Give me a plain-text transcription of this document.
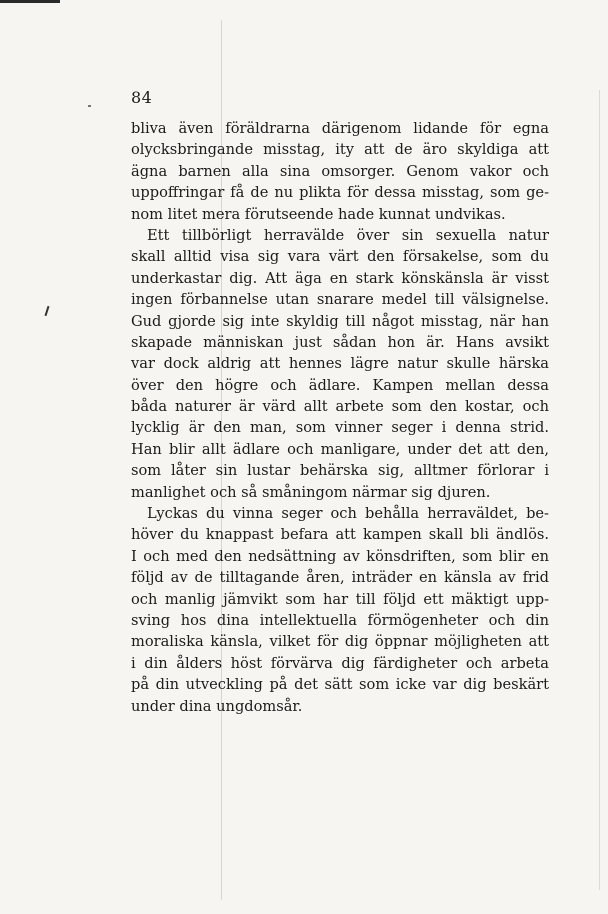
84
bliva även föräldrarna därigenom lidande för egna
olycksbringande misstag, ity att de äro skyldiga att
ägna barnen alla sina omsorger. Genom vakor och
uppoffringar få de nu plikta för dessa misstag, som ge-
nom litet mera förutseende hade kunnat undvikas.
Ett tillbörligt herravälde över sin sexuella natur
skall alltid visa sig vara värt den försakelse, som du
underkastar dig. Att äga en stark könskänsla är visst
ingen förbannelse utan snarare medel till välsignelse.
Gud gjorde sig inte skyldig till något misstag, när han
skapade människan just sådan hon är. Hans avsikt
var dock aldrig att hennes lägre natur skulle härska
över den högre och ädlare. Kampen mellan dessa
båda naturer är värd allt arbete som den kostar, och
lycklig är den man, som vinner seger i denna strid.
Han blir allt ädlare och manligare, under det att den,
som låter sin lustar behärska sig, alltmer förlorar i
manlighet och så småningom närmar sig djuren.
Lyckas du vinna seger och behålla herraväldet, be-
höver du knappast befara att kampen skall bli ändlös.
I och med den nedsättning av könsdriften, som blir en
följd av de tilltagande åren, inträder en känsla av frid
och manlig jämvikt som har till följd ett mäktigt upp-
sving hos dina intellektuella förmögenheter och din
moraliska känsla, vilket för dig öppnar möjligheten att
i din ålders höst förvärva dig färdigheter och arbeta
på din utveckling på det sätt som icke var dig beskärt
under dina ungdomsår.
